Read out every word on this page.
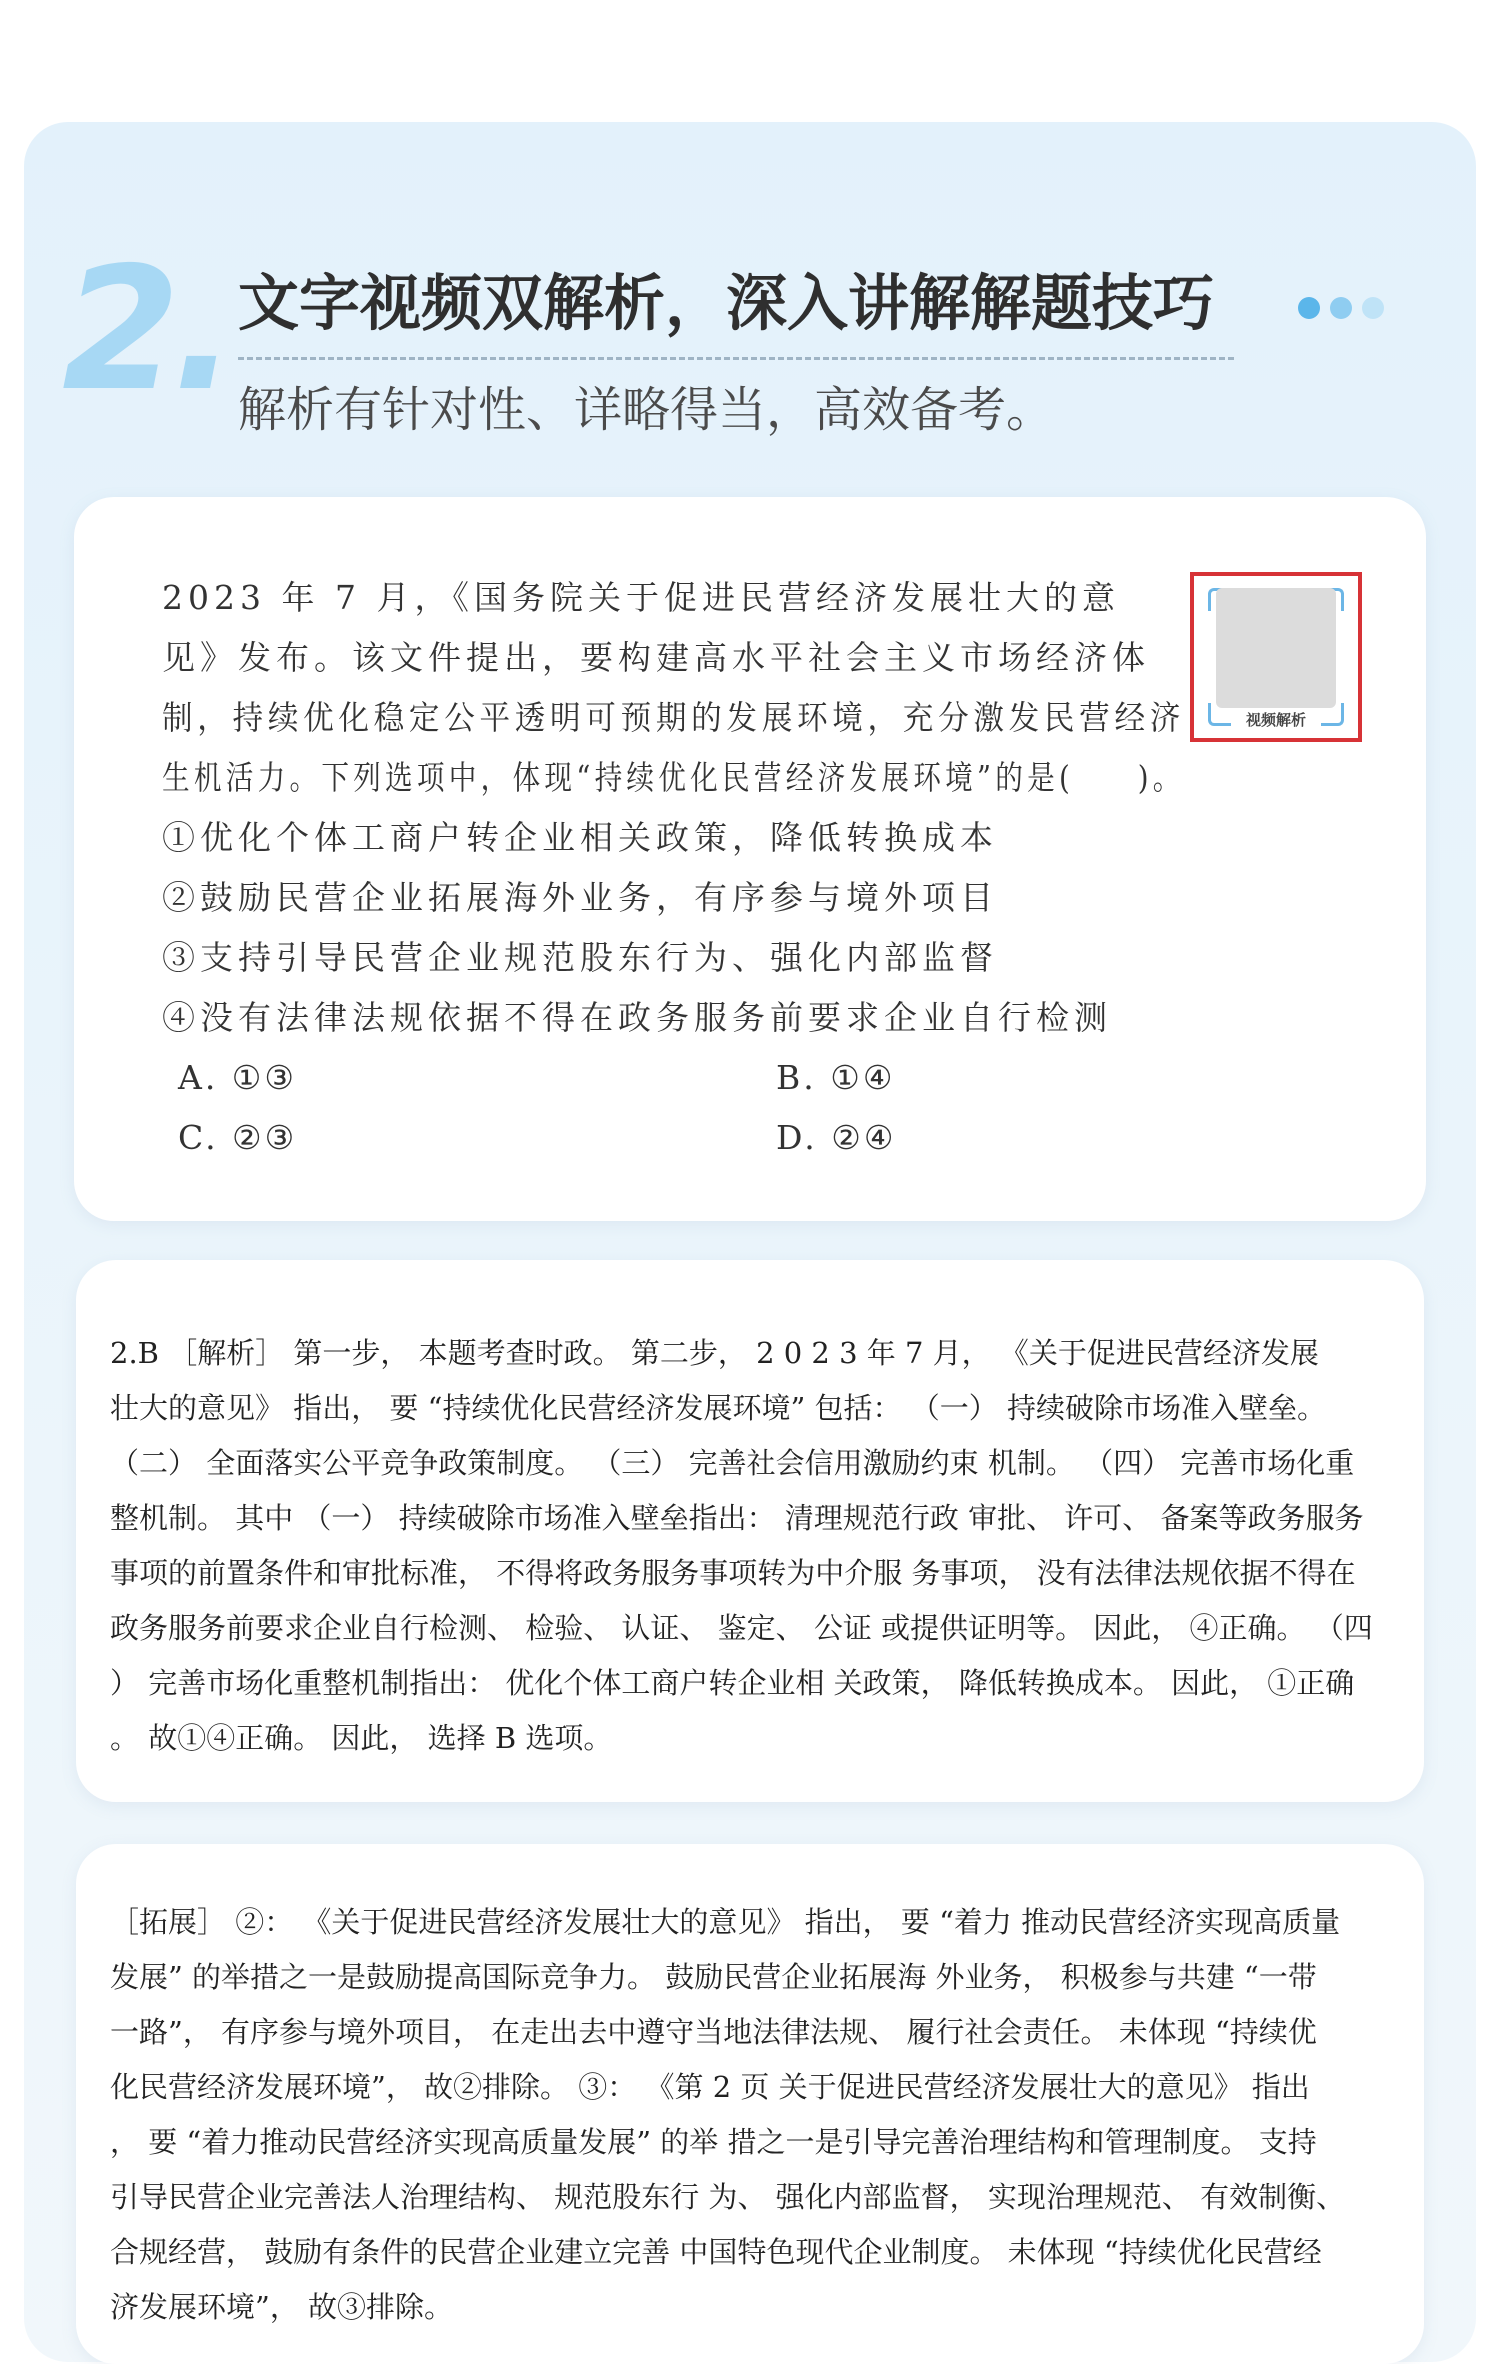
2. 文字视频双解析，深入讲解解题技巧
解析有针对性、详略得当，高效备考。
2023 年 7 月，《国务院关于促进民营经济发展壮大的意
见》发布。该文件提出，要构建高水平社会主义市场经济体
制，持续优化稳定公平透明可预期的发展环境，充分激发民营经济
生机活力。下列选项中，体现“持续优化民营经济发展环境”的是(　　)。
①优化个体工商户转企业相关政策，降低转换成本
②鼓励民营企业拓展海外业务，有序参与境外项目
③支持引导民营企业规范股东行为、强化内部监督
④没有法律法规依据不得在政务服务前要求企业自行检测
A. ①③	B. ①④
C. ②③	D. ②④
视频解析
2.B ［解析］ 第一步， 本题考查时政。 第二步， 2 0 2 3 年 7 月， 《关于促进民营经济发展
壮大的意见》 指出， 要 “持续优化民营经济发展环境” 包括： （一） 持续破除市场准入壁垒。
（二） 全面落实公平竞争政策制度。 （三） 完善社会信用激励约束 机制。 （四） 完善市场化重
整机制。 其中 （一） 持续破除市场准入壁垒指出： 清理规范行政 审批、 许可、 备案等政务服务
事项的前置条件和审批标准， 不得将政务服务事项转为中介服 务事项， 没有法律法规依据不得在
政务服务前要求企业自行检测、 检验、 认证、 鉴定、 公证 或提供证明等。 因此， ④正确。 （四
） 完善市场化重整机制指出： 优化个体工商户转企业相 关政策， 降低转换成本。 因此， ①正确
。 故①④正确。 因此， 选择 B 选项。
［拓展］ ②： 《关于促进民营经济发展壮大的意见》 指出， 要 “着力 推动民营经济实现高质量
发展” 的举措之一是鼓励提高国际竞争力。 鼓励民营企业拓展海 外业务， 积极参与共建 “一带
一路”， 有序参与境外项目， 在走出去中遵守当地法律法规、 履行社会责任。 未体现 “持续优
化民营经济发展环境”， 故②排除。 ③： 《第 2 页 关于促进民营经济发展壮大的意见》 指出
， 要 “着力推动民营经济实现高质量发展” 的举 措之一是引导完善治理结构和管理制度。 支持
引导民营企业完善法人治理结构、 规范股东行 为、 强化内部监督， 实现治理规范、 有效制衡、
合规经营， 鼓励有条件的民营企业建立完善 中国特色现代企业制度。 未体现 “持续优化民营经
济发展环境”， 故③排除。
